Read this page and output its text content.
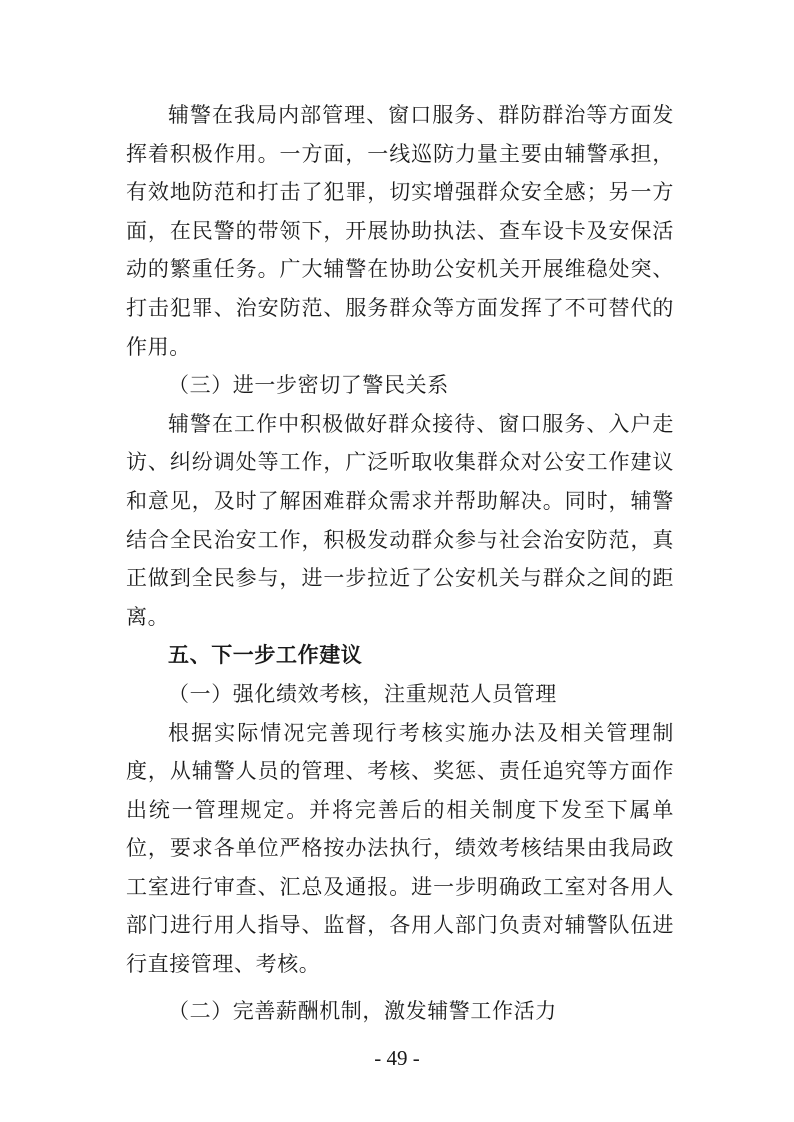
辅警在我局内部管理、窗口服务、群防群治等方面发挥着积极作用。一方面，一线巡防力量主要由辅警承担，有效地防范和打击了犯罪，切实增强群众安全感；另一方面，在民警的带领下，开展协助执法、查车设卡及安保活动的繁重任务。广大辅警在协助公安机关开展维稳处突、打击犯罪、治安防范、服务群众等方面发挥了不可替代的作用。

（三）进一步密切了警民关系

辅警在工作中积极做好群众接待、窗口服务、入户走访、纠纷调处等工作，广泛听取收集群众对公安工作建议和意见，及时了解困难群众需求并帮助解决。同时，辅警结合全民治安工作，积极发动群众参与社会治安防范，真正做到全民参与，进一步拉近了公安机关与群众之间的距离。

五、下一步工作建议

（一）强化绩效考核，注重规范人员管理

根据实际情况完善现行考核实施办法及相关管理制度，从辅警人员的管理、考核、奖惩、责任追究等方面作出统一管理规定。并将完善后的相关制度下发至下属单位，要求各单位严格按办法执行，绩效考核结果由我局政工室进行审查、汇总及通报。进一步明确政工室对各用人部门进行用人指导、监督，各用人部门负责对辅警队伍进行直接管理、考核。

（二）完善薪酬机制，激发辅警工作活力

- 49 -
